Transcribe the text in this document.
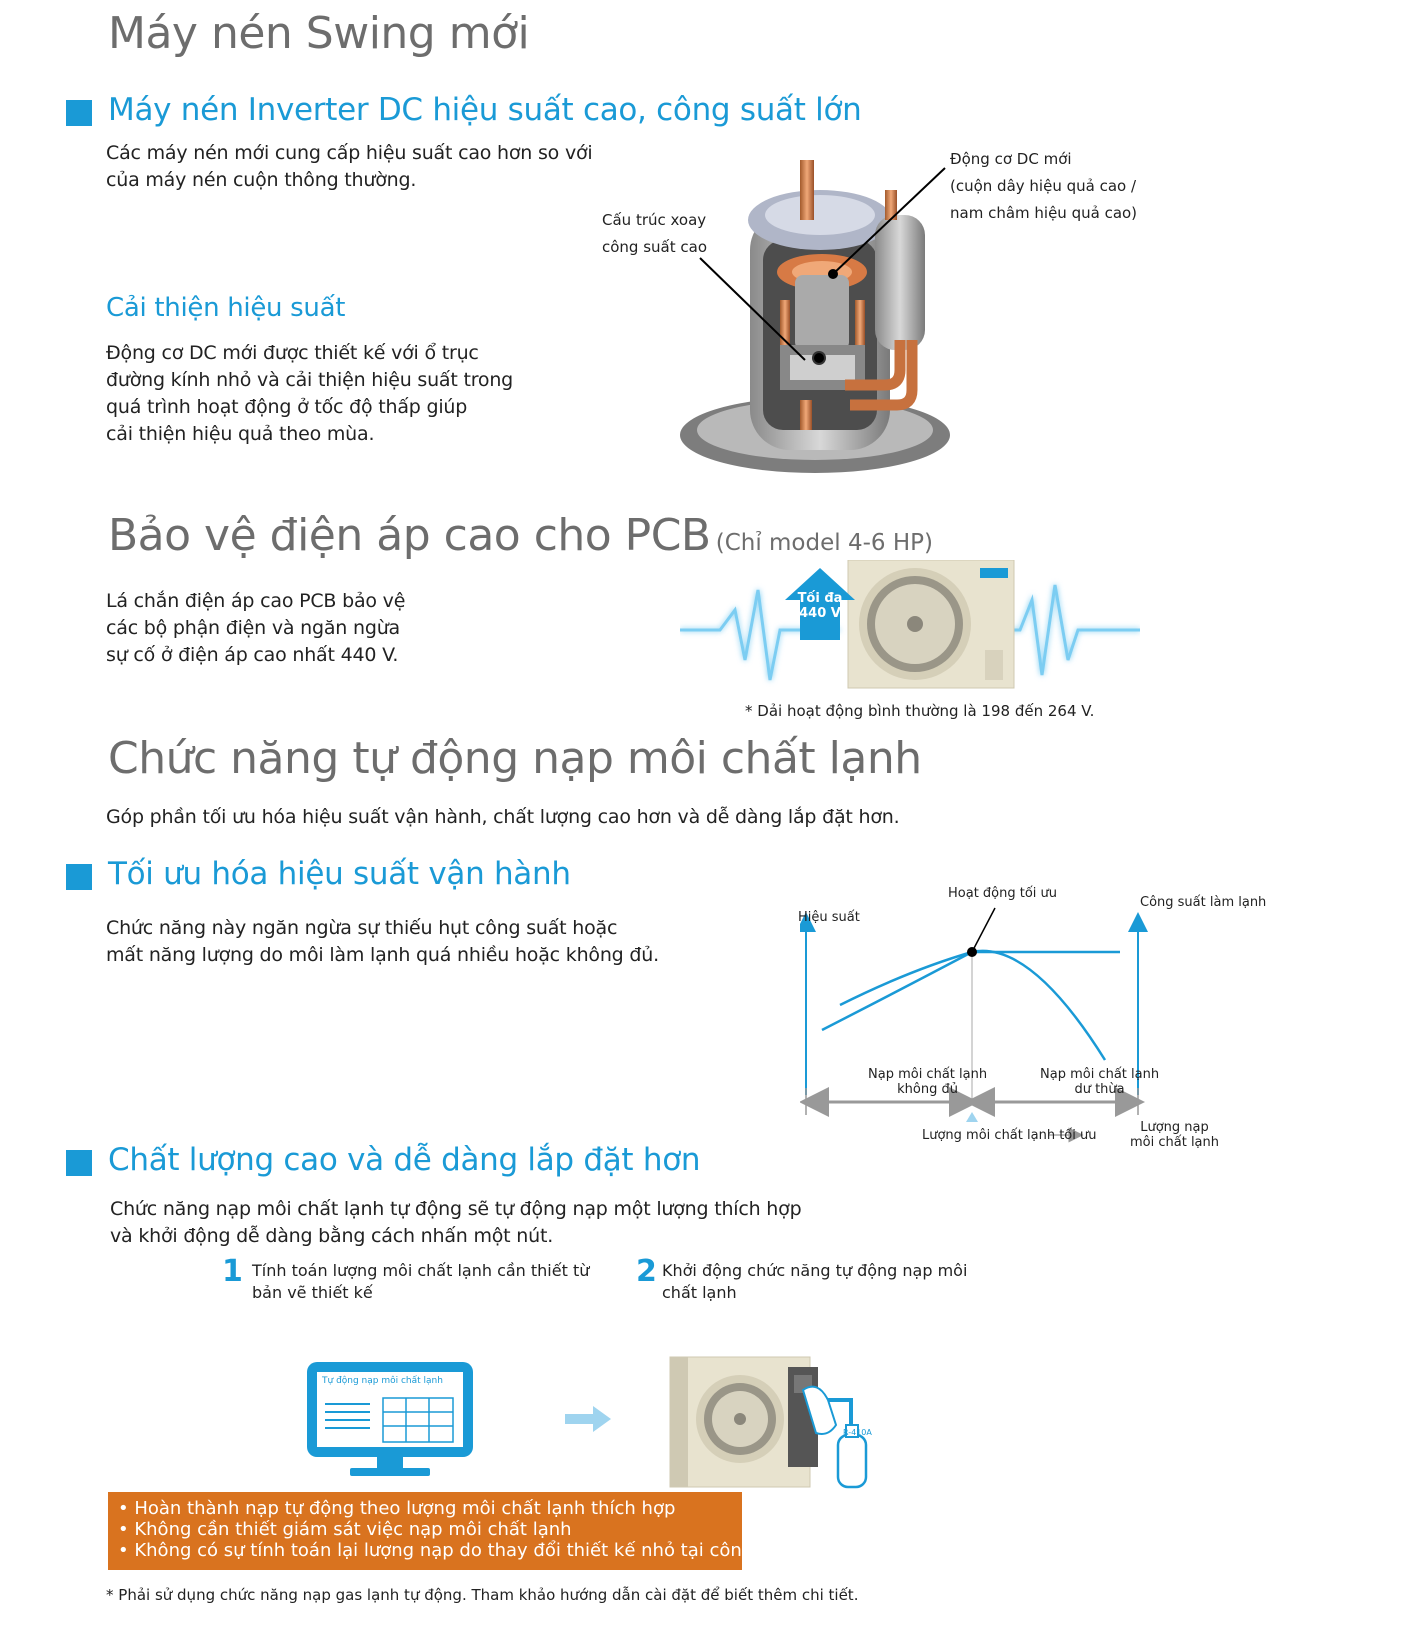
Máy nén Swing mới
Máy nén Inverter DC hiệu suất cao, công suất lớn
Các máy nén mới cung cấp hiệu suất cao hơn so với
của máy nén cuộn thông thường.
Cải thiện hiệu suất
Động cơ DC mới được thiết kế với ổ trục
đường kính nhỏ và cải thiện hiệu suất trong
quá trình hoạt động ở tốc độ thấp giúp
cải thiện hiệu quả theo mùa.
Cấu trúc xoay
công suất cao
Động cơ DC mới
(cuộn dây hiệu quả cao /
nam châm hiệu quả cao)
Bảo vệ điện áp cao cho PCB (Chỉ model 4-6 HP)
Lá chắn điện áp cao PCB bảo vệ
các bộ phận điện và ngăn ngừa
sự cố ở điện áp cao nhất 440 V.
Tối đa
440 V
* Dải hoạt động bình thường là 198 đến 264 V.
Chức năng tự động nạp môi chất lạnh
Góp phần tối ưu hóa hiệu suất vận hành, chất lượng cao hơn và dễ dàng lắp đặt hơn.
Tối ưu hóa hiệu suất vận hành
Chức năng này ngăn ngừa sự thiếu hụt công suất hoặc
mất năng lượng do môi làm lạnh quá nhiều hoặc không đủ.
Hiệu suất
Công suất làm lạnh
Hoạt động tối ưu
Nạp môi chất lạnh
không đủ
Nạp môi chất lạnh
dư thừa
Lượng môi chất lạnh tối ưu
Lượng nạp
môi chất lạnh
Chất lượng cao và dễ dàng lắp đặt hơn
Chức năng nạp môi chất lạnh tự động sẽ tự động nạp một lượng thích hợp
và khởi động dễ dàng bằng cách nhấn một nút.
1 Tính toán lượng môi chất lạnh cần thiết từ
bản vẽ thiết kế
2 Khởi động chức năng tự động nạp môi
chất lạnh
Tự động nạp môi chất lạnh
R-410A
• Hoàn thành nạp tự động theo lượng môi chất lạnh thích hợp
• Không cần thiết giám sát việc nạp môi chất lạnh
• Không có sự tính toán lại lượng nạp do thay đổi thiết kế nhỏ tại công trình
* Phải sử dụng chức năng nạp gas lạnh tự động. Tham khảo hướng dẫn cài đặt để biết thêm chi tiết.
